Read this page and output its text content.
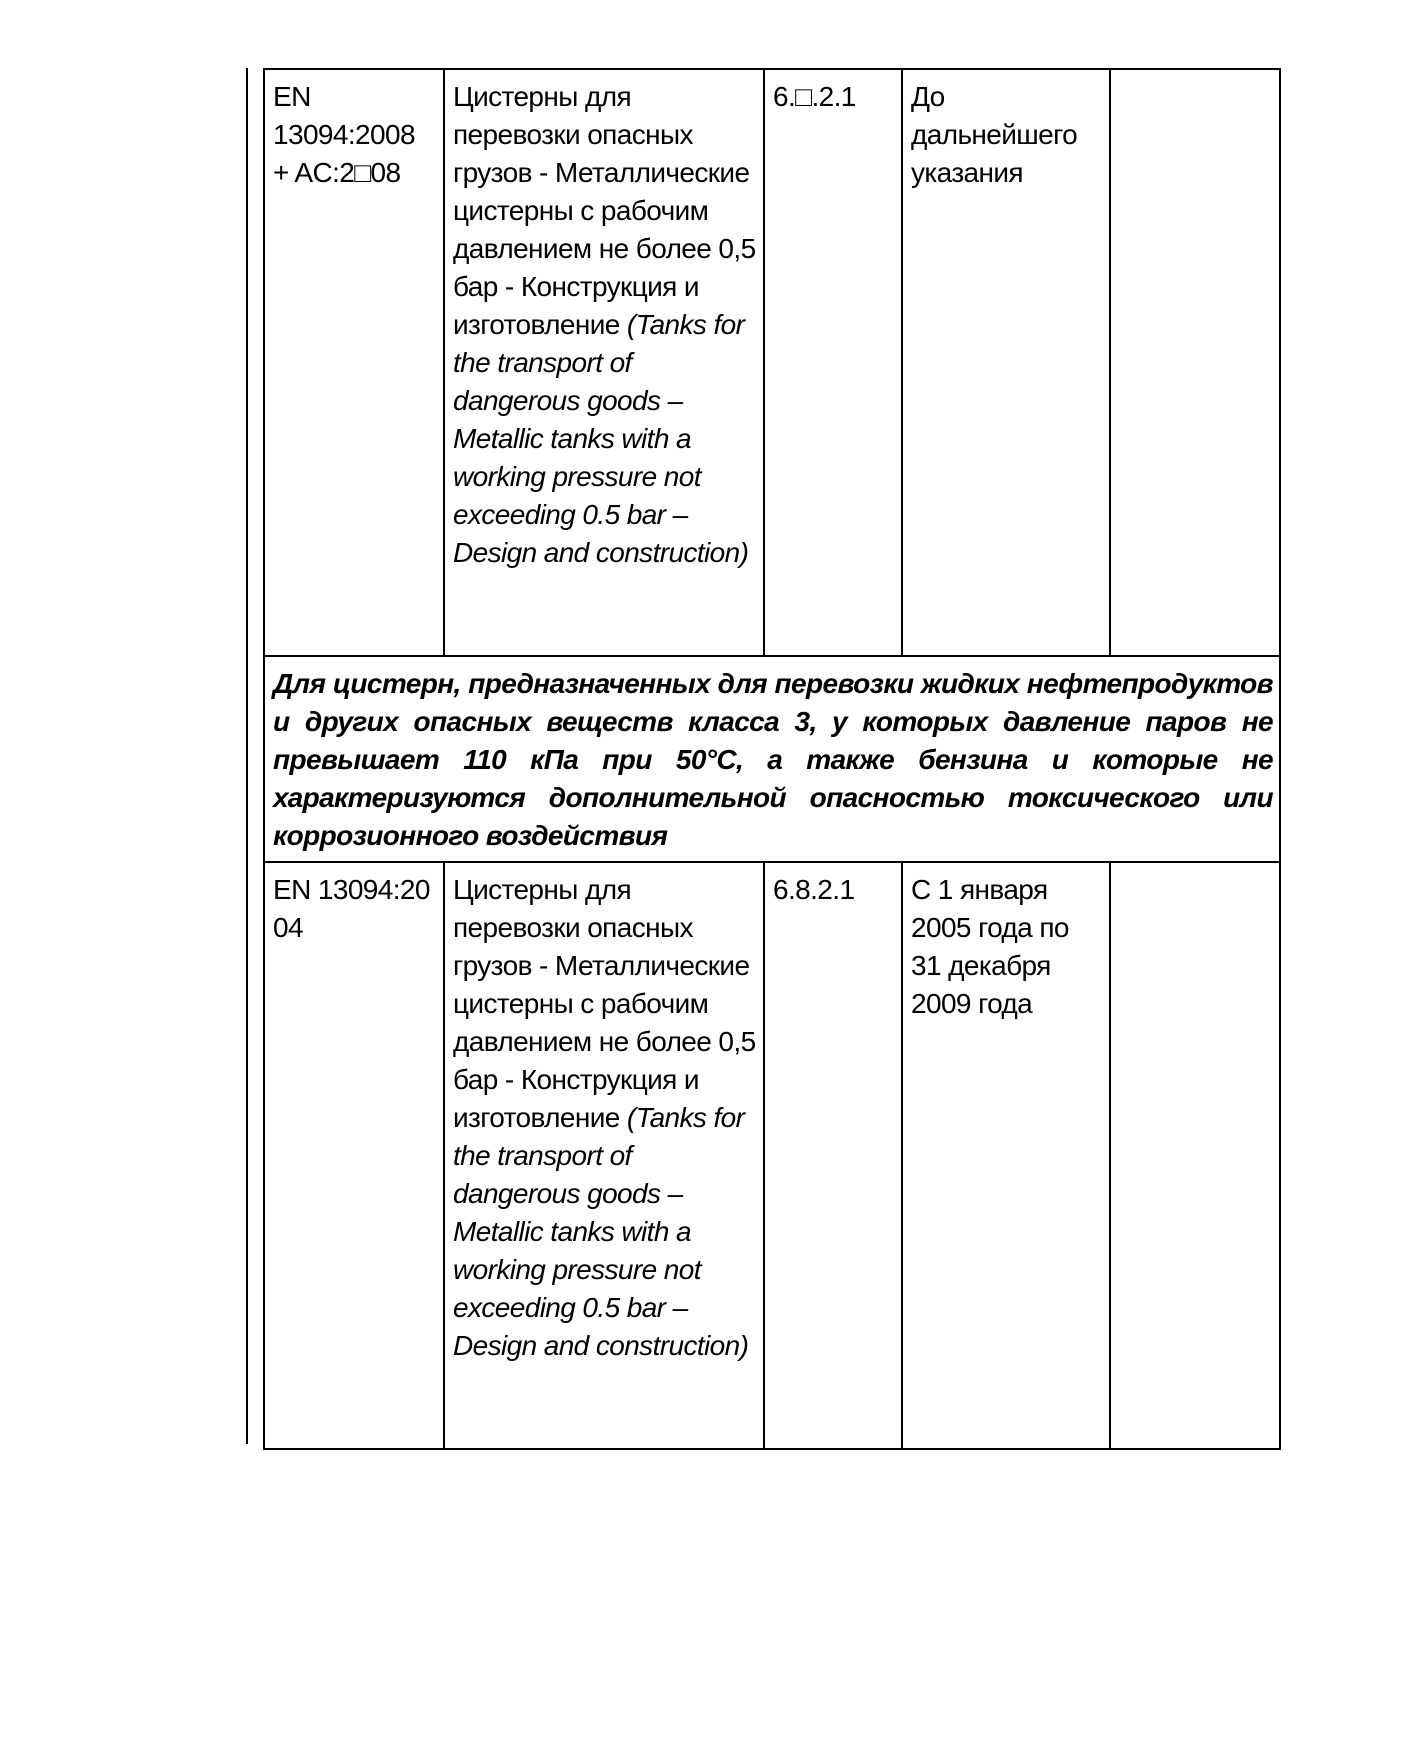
EN 13094:2008 + AC:2□08	Цистерны для перевозки опасных грузов - Металлические цистерны с рабочим давлением не более 0,5 бар - Конструкция и изготовление (Tanks for the transport of dangerous goods – Metallic tanks with a working pressure not exceeding 0.5 bar – Design and construction)	6.□.2.1	До дальнейшего указания	
Для цистерн, предназначенных для перевозки жидких нефтепродуктов и других опасных веществ класса 3, у которых давление паров не превышает 110 кПа при 50°С, а также бензина и которые не характеризуются дополнительной опасностью токсического или коррозионного воздействия				

EN 13094:2004	Цистерны для перевозки опасных грузов - Металлические цистерны с рабочим давлением не более 0,5 бар - Конструкция и изготовление (Tanks for the transport of dangerous goods – Metallic tanks with a working pressure not exceeding 0.5 bar – Design and construction)	6.8.2.1	С 1 января 2005 года по 31 декабря 2009 года	
